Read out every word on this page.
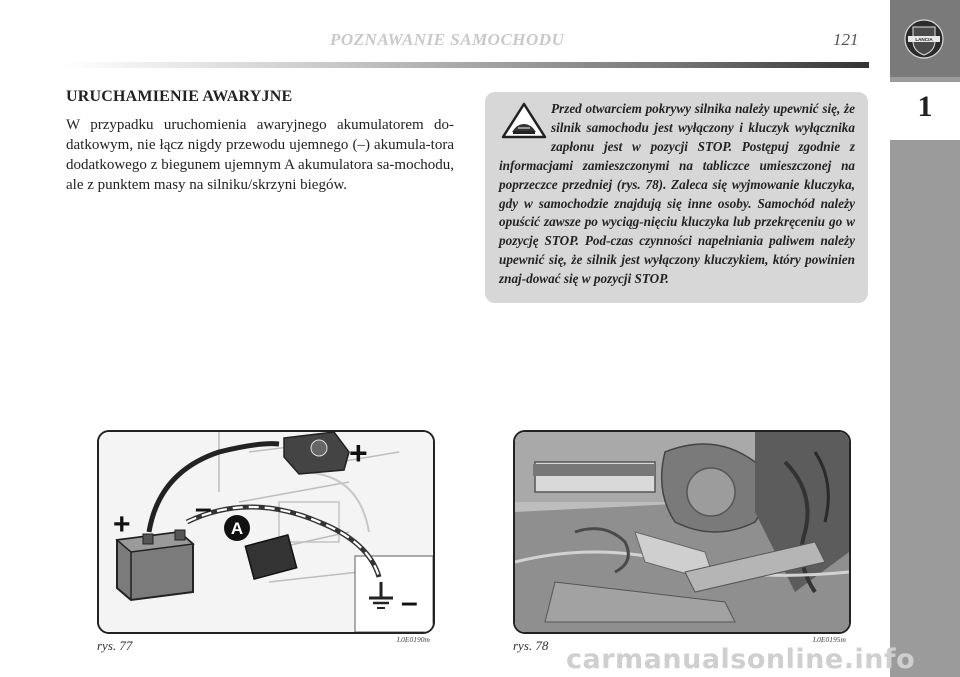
POZNAWANIE SAMOCHODU	121	LANCIA
1
URUCHAMIENIE AWARYJNE
W przypadku uruchomienia awaryjnego akumulatorem do-datkowym, nie łącz nigdy przewodu ujemnego (–) akumula-tora dodatkowego z biegunem ujemnym A akumulatora sa-mochodu, ale z punktem masy na silniku/skrzyni biegów.
Przed otwarciem pokrywy silnika należy upewnić się, że silnik samochodu jest wyłączony i kluczyk wyłącznika zapłonu jest w pozycji STOP. Postępuj zgodnie z informacjami zamieszczonymi na tabliczce umieszczonej na poprzeczce przedniej (rys. 78). Zaleca się wyjmowanie kluczyka, gdy w samochodzie znajdują się inne osoby. Samochód należy opuścić zawsze po wyciąg-nięciu kluczyka lub przekręceniu go w pozycję STOP. Pod-czas czynności napełniania paliwem należy upewnić się, że silnik jest wyłączony kluczykiem, który powinien znaj-dować się w pozycji STOP.
A
+
+ –
–
rys. 77	L0E0190m	rys. 78	L0E0195m
carmanualsonline.info
